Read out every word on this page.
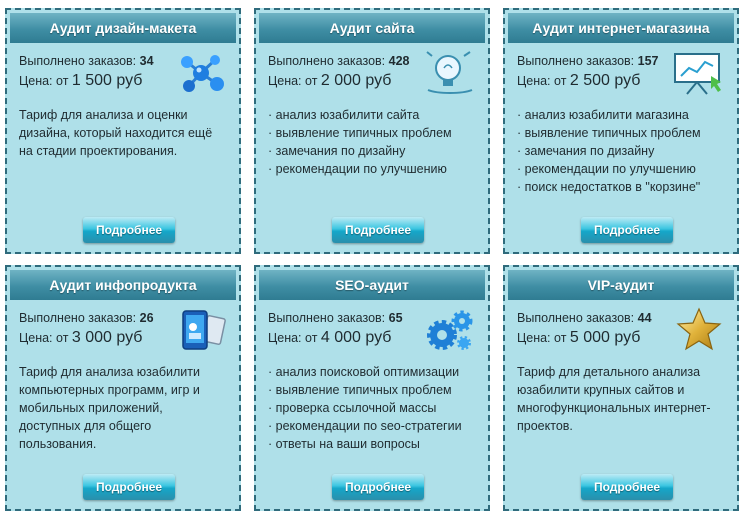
Аудит дизайн-макета
Выполнено заказов: 34
Цена: от 1 500 руб
Тариф для анализа и оценки дизайна, который находится ещё на стадии проектирования.
Подробнее
Аудит сайта
Выполнено заказов: 428
Цена: от 2 000 руб
· анализ юзабилити сайта
· выявление типичных проблем
· замечания по дизайну
· рекомендации по улучшению
Подробнее
Аудит интернет-магазина
Выполнено заказов: 157
Цена: от 2 500 руб
· анализ юзабилити магазина
· выявление типичных проблем
· замечания по дизайну
· рекомендации по улучшению
· поиск недостатков в "корзине"
Подробнее
Аудит инфопродукта
Выполнено заказов: 26
Цена: от 3 000 руб
Тариф для анализа юзабилити компьютерных программ, игр и мобильных приложений, доступных для общего пользования.
Подробнее
SEO-аудит
Выполнено заказов: 65
Цена: от 4 000 руб
· анализ поисковой оптимизации
· выявление типичных проблем
· проверка ссылочной массы
· рекомендации по seo-стратегии
· ответы на ваши вопросы
Подробнее
VIP-аудит
Выполнено заказов: 44
Цена: от 5 000 руб
Тариф для детального анализа юзабилити крупных сайтов и многофункциональных интернет-проектов.
Подробнее
